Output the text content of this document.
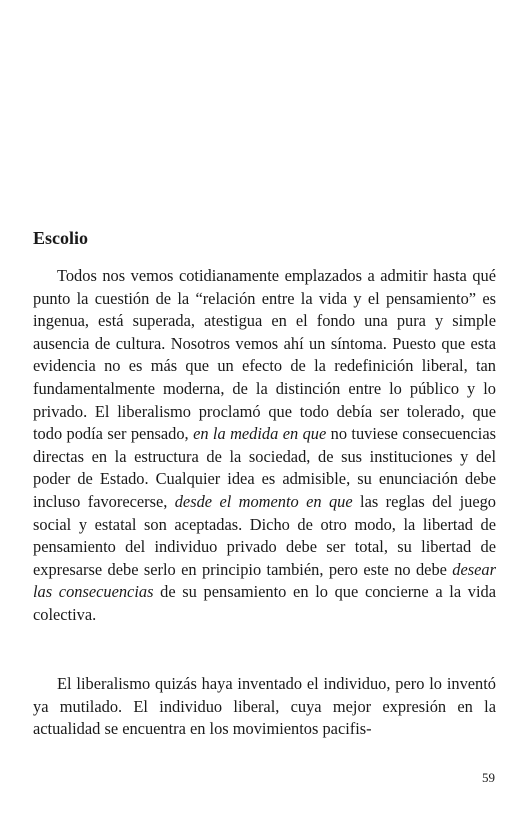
Escolio

Todos nos vemos cotidianamente emplazados a admitir hasta qué punto la cuestión de la “relación entre la vida y el pensamiento” es ingenua, está superada, atestigua en el fondo una pura y simple ausencia de cultura. Nosotros vemos ahí un síntoma. Puesto que esta evidencia no es más que un efecto de la redefinición liberal, tan fundamentalmente moderna, de la distinción entre lo público y lo privado. El liberalismo proclamó que todo debía ser tolerado, que todo podía ser pensado, en la medida en que no tuviese consecuencias directas en la estructura de la sociedad, de sus instituciones y del poder de Estado. Cualquier idea es admisible, su enunciación debe incluso favorecerse, desde el momento en que las reglas del juego social y estatal son aceptadas. Dicho de otro modo, la libertad de pensamiento del individuo privado debe ser total, su libertad de expresarse debe serlo en principio también, pero este no debe desear las consecuencias de su pensamiento en lo que concierne a la vida colectiva.

El liberalismo quizás haya inventado el individuo, pero lo inventó ya mutilado. El individuo liberal, cuya mejor expresión en la actualidad se encuentra en los movimientos pacifis-

59
